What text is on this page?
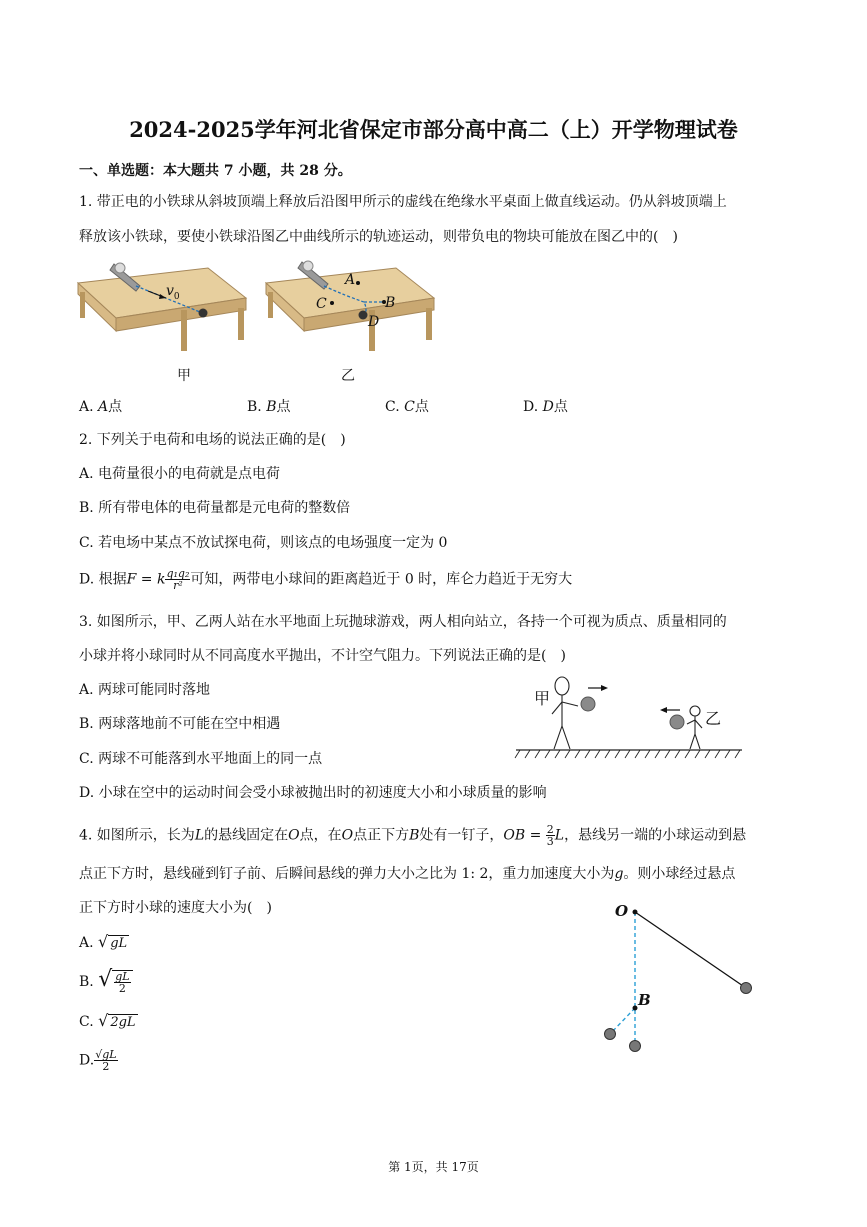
2024-2025学年河北省保定市部分高中高二（上）开学物理试卷
一、单选题：本大题共 7 小题，共 28 分。
1. 带正电的小铁球从斜坡顶端上释放后沿图甲所示的虚线在绝缘水平桌面上做直线运动。仍从斜坡顶端上
释放该小铁球，要使小铁球沿图乙中曲线所示的轨迹运动，则带负电的物块可能放在图乙中的(　)
$v_0$
A
B
C
D
甲	乙
A. A点	B. B点	C. C点	D. D点
2. 下列关于电荷和电场的说法正确的是(　)
A. 电荷量很小的电荷就是点电荷
B. 所有带电体的电荷量都是元电荷的整数倍
C. 若电场中某点不放试探电荷，则该点的电场强度一定为 0
D. 根据F = k $\frac{\text{q₁q₂}}{\text{r²}}$ 可知，两带电小球间的距离趋近于 0 时，库仑力趋近于无穷大
3. 如图所示，甲、乙两人站在水平地面上玩抛球游戏，两人相向站立，各持一个可视为质点、质量相同的
小球并将小球同时从不同高度水平抛出，不计空气阻力。下列说法正确的是(　)
A. 两球可能同时落地
B. 两球落地前不可能在空中相遇
C. 两球不可能落到水平地面上的同一点
D. 小球在空中的运动时间会受小球被抛出时的初速度大小和小球质量的影响
甲
乙
4. 如图所示，长为L的悬线固定在O点，在O点正下方B处有一钉子，OB = $\frac{2}{3}$ L，悬线另一端的小球运动到悬
点正下方时，悬线碰到钉子前、后瞬间悬线的弹力大小之比为 1: 2，重力加速度大小为g。则小球经过悬点
正下方时小球的速度大小为(　)
A. √ gL
B. √ $\frac{gL}{2}$
C. √ 2gL
D. $\frac{√gL}{2}$
O
B
第 1页，共 17页
